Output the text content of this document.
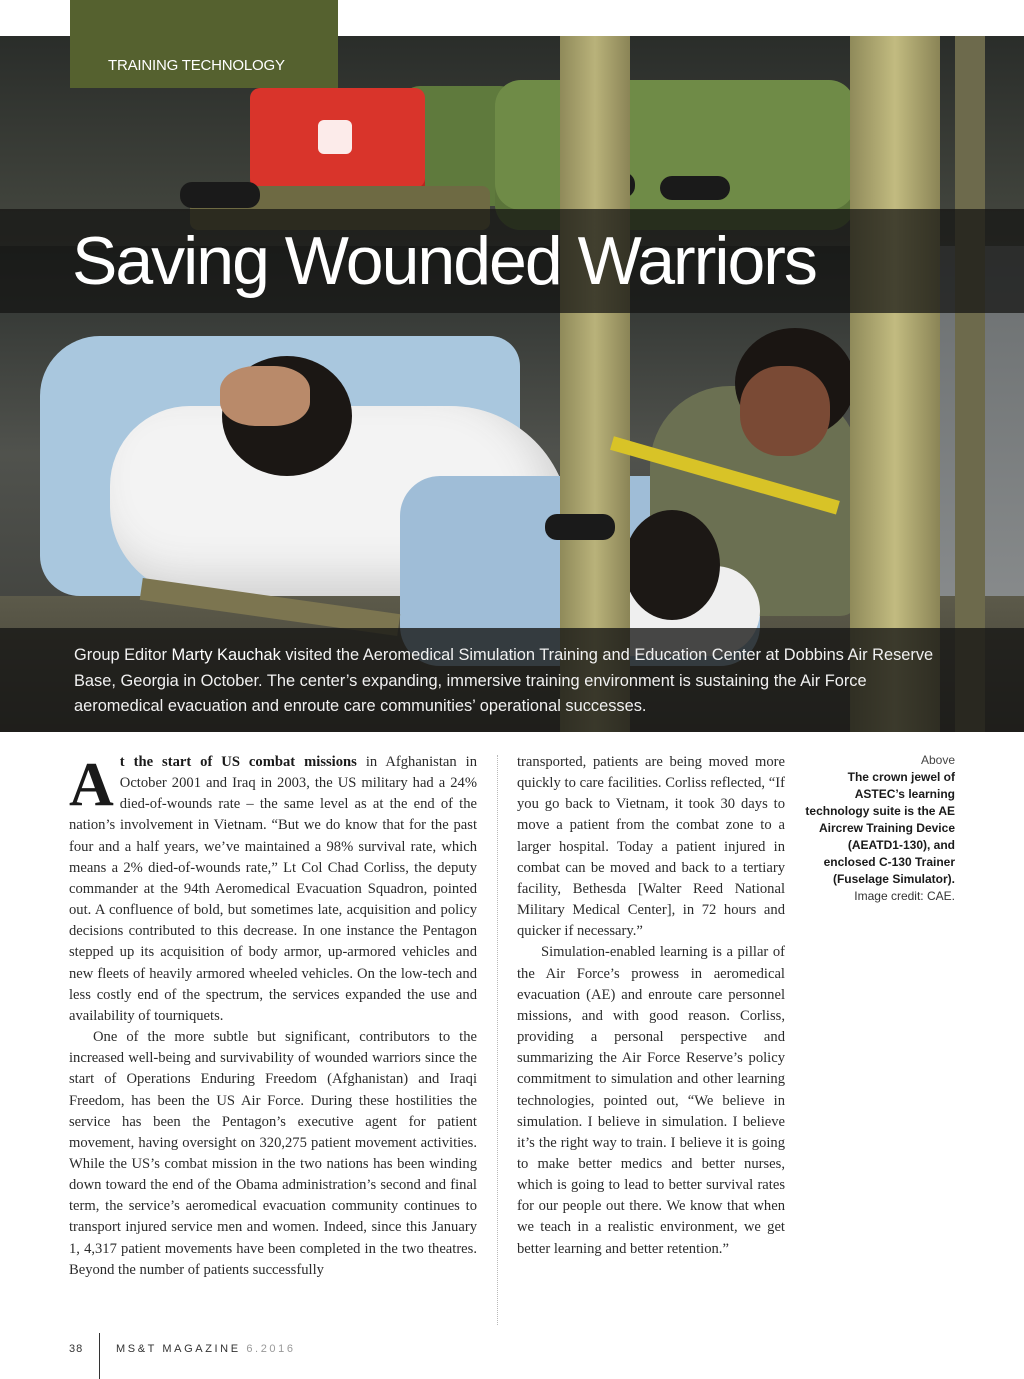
TRAINING TECHNOLOGY
Saving Wounded Warriors

Group Editor Marty Kauchak visited the Aeromedical Simulation Training and Education Center at Dobbins Air Reserve Base, Georgia in October. The center’s expanding, immersive training environment is sustaining the Air Force aeromedical evacuation and enroute care communities’ operational successes.

At the start of US combat missions in Afghanistan in October 2001 and Iraq in 2003, the US military had a 24% died-of-wounds rate – the same level as at the end of the nation’s involvement in Vietnam. “But we do know that for the past four and a half years, we’ve maintained a 98% survival rate, which means a 2% died-of-wounds rate,” Lt Col Chad Corliss, the deputy commander at the 94th Aeromedical Evacuation Squadron, pointed out. A confluence of bold, but sometimes late, acquisition and policy decisions contributed to this decrease. In one instance the Pentagon stepped up its acquisition of body armor, up-armored vehicles and new fleets of heavily armored wheeled vehicles. On the low-tech and less costly end of the spectrum, the services expanded the use and availability of tourniquets.

One of the more subtle but significant, contributors to the increased well-being and survivability of wounded warriors since the start of Operations Enduring Freedom (Afghanistan) and Iraqi Freedom, has been the US Air Force. During these hostilities the service has been the Pentagon’s executive agent for patient movement, having oversight on 320,275 patient movement activities. While the US’s combat mission in the two nations has been winding down toward the end of the Obama administration’s second and final term, the service’s aeromedical evacuation community continues to transport injured service men and women. Indeed, since this January 1, 4,317 patient movements have been completed in the two theatres. Beyond the number of patients successfully

transported, patients are being moved more quickly to care facilities. Corliss reflected, “If you go back to Vietnam, it took 30 days to move a patient from the combat zone to a larger hospital. Today a patient injured in combat can be moved and back to a tertiary facility, Bethesda [Walter Reed National Military Medical Center], in 72 hours and quicker if necessary.”

Simulation-enabled learning is a pillar of the Air Force’s prowess in aeromedical evacuation (AE) and enroute care personnel missions, and with good reason. Corliss, providing a personal perspective and summarizing the Air Force Reserve’s policy commitment to simulation and other learning technologies, pointed out, “We believe in simulation. I believe in simulation. I believe it’s the right way to train. I believe it is going to make better medics and better nurses, which is going to lead to better survival rates for our people out there. We know that when we teach in a realistic environment, we get better learning and better retention.”

Above
The crown jewel of ASTEC’s learning technology suite is the AE Aircrew Training Device (AEATD1-130), and enclosed C-130 Trainer (Fuselage Simulator).
Image credit: CAE.
38	MS&T MAGAZINE 6.2016
